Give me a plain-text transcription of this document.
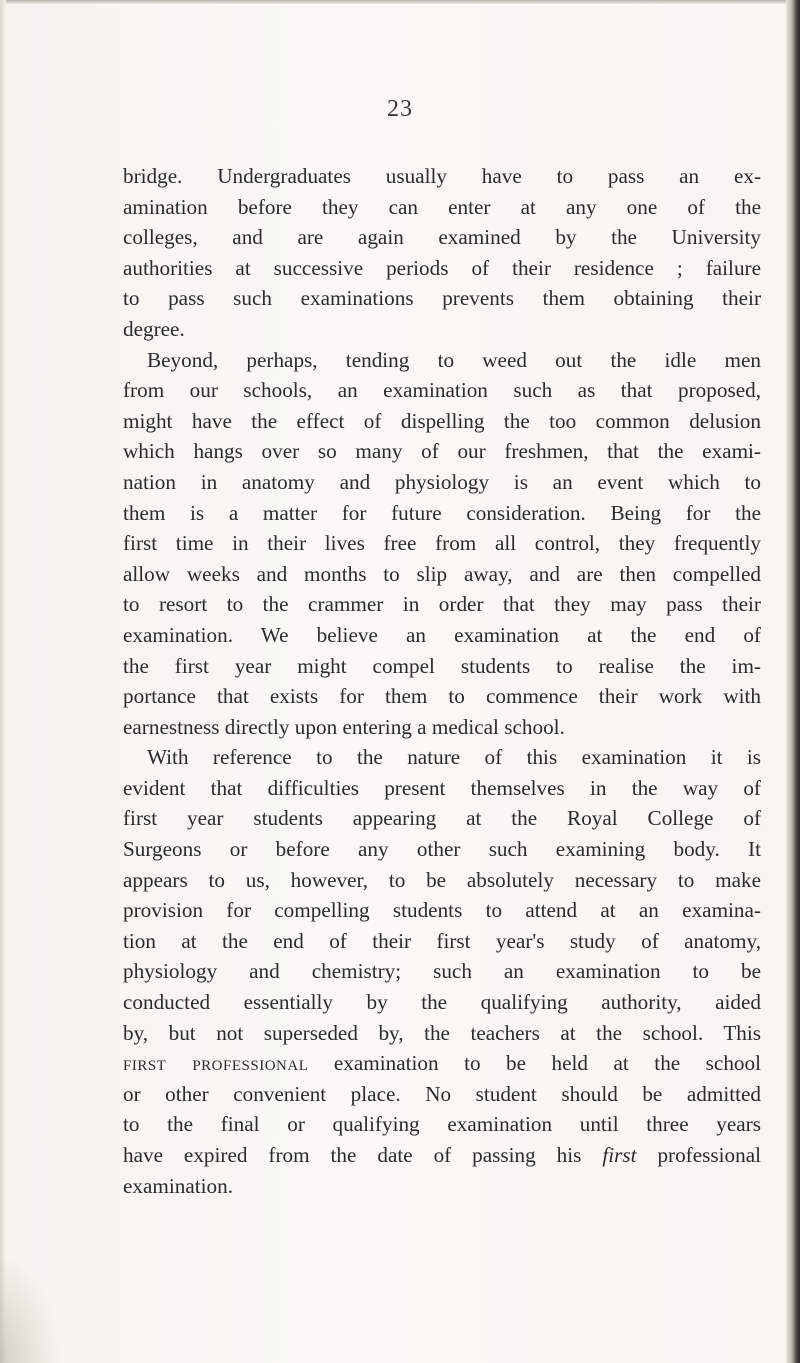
23

bridge. Undergraduates usually have to pass an ex-
amination before they can enter at any one of the
colleges, and are again examined by the University
authorities at successive periods of their residence ; failure
to pass such examinations prevents them obtaining their
degree.

Beyond, perhaps, tending to weed out the idle men
from our schools, an examination such as that proposed,
might have the effect of dispelling the too common delusion
which hangs over so many of our freshmen, that the exami-
nation in anatomy and physiology is an event which to
them is a matter for future consideration. Being for the
first time in their lives free from all control, they frequently
allow weeks and months to slip away, and are then compelled
to resort to the crammer in order that they may pass their
examination. We believe an examination at the end of
the first year might compel students to realise the im-
portance that exists for them to commence their work with
earnestness directly upon entering a medical school.

With reference to the nature of this examination it is
evident that difficulties present themselves in the way of
first year students appearing at the Royal College of
Surgeons or before any other such examining body. It
appears to us, however, to be absolutely necessary to make
provision for compelling students to attend at an examina-
tion at the end of their first year's study of anatomy,
physiology and chemistry; such an examination to be
conducted essentially by the qualifying authority, aided
by, but not superseded by, the teachers at the school. This
first professional examination to be held at the school
or other convenient place. No student should be admitted
to the final or qualifying examination until three years
have expired from the date of passing his first professional
examination.
